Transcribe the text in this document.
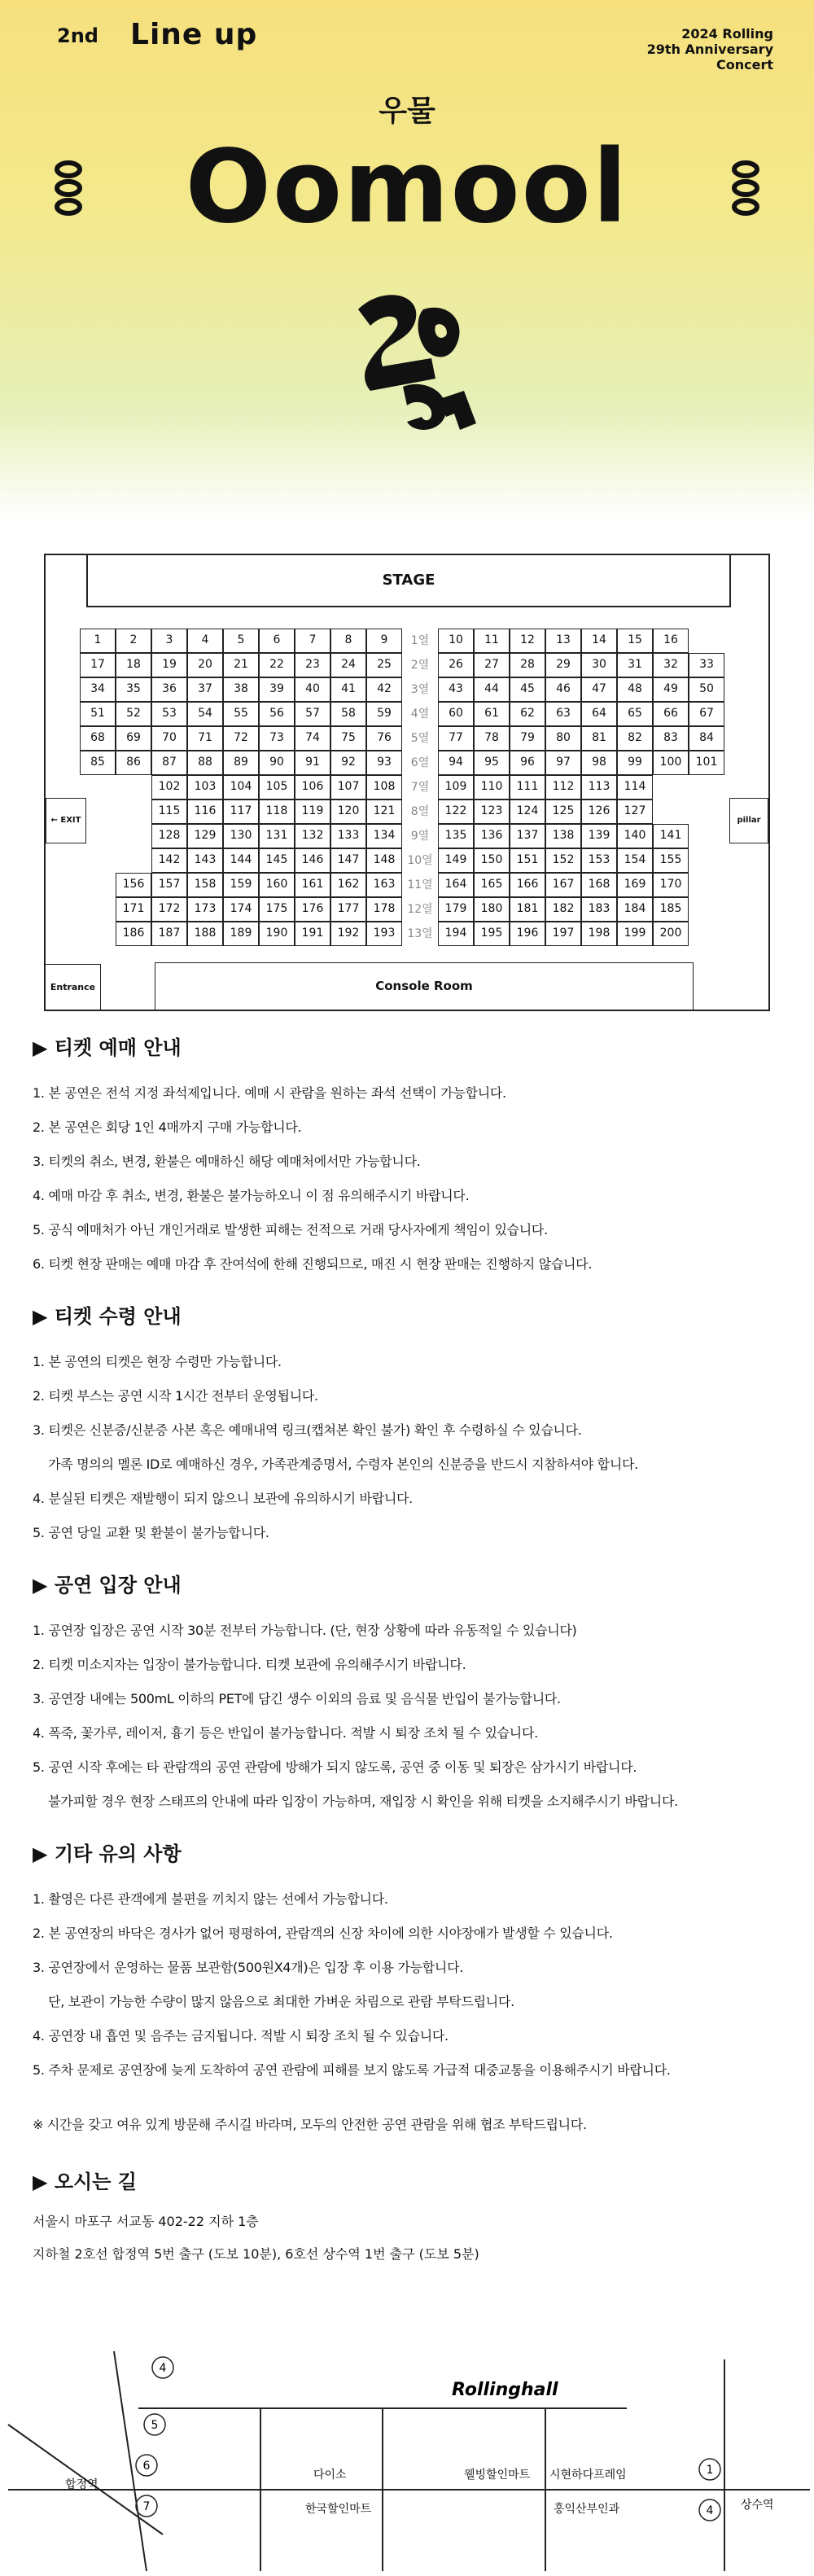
2nd Line up	2024 Rolling
29th Anniversary
Concert
우물
Oomool
STAGE
← EXIT	pillar
Entrance	Console Room
1	2	3	4	5	6	7	8	9	1열	10	11	12	13	14	15	16
17	18	19	20	21	22	23	24	25	2열	26	27	28	29	30	31	32	33
34	35	36	37	38	39	40	41	42	3열	43	44	45	46	47	48	49	50
51	52	53	54	55	56	57	58	59	4열	60	61	62	63	64	65	66	67
68	69	70	71	72	73	74	75	76	5열	77	78	79	80	81	82	83	84
85	86	87	88	89	90	91	92	93	6열	94	95	96	97	98	99	100	101
102	103	104	105	106	107	108	7열	109	110	111	112	113	114
115	116	117	118	119	120	121	8열	122	123	124	125	126	127
128	129	130	131	132	133	134	9열	135	136	137	138	139	140	141
142	143	144	145	146	147	148	10열	149	150	151	152	153	154	155
156	157	158	159	160	161	162	163	11열	164	165	166	167	168	169	170
171	172	173	174	175	176	177	178	12열	179	180	181	182	183	184	185
186	187	188	189	190	191	192	193	13열	194	195	196	197	198	199	200
▶ 티켓 예매 안내

1. 본 공연은 전석 지정 좌석제입니다. 예매 시 관람을 원하는 좌석 선택이 가능합니다.

2. 본 공연은 회당 1인 4매까지 구매 가능합니다.

3. 티켓의 취소, 변경, 환불은 예매하신 해당 예매처에서만 가능합니다.

4. 예매 마감 후 취소, 변경, 환불은 불가능하오니 이 점 유의해주시기 바랍니다.

5. 공식 예매처가 아닌 개인거래로 발생한 피해는 전적으로 거래 당사자에게 책임이 있습니다.

6. 티켓 현장 판매는 예매 마감 후 잔여석에 한해 진행되므로, 매진 시 현장 판매는 진행하지 않습니다.

▶ 티켓 수령 안내

1. 본 공연의 티켓은 현장 수령만 가능합니다.

2. 티켓 부스는 공연 시작 1시간 전부터 운영됩니다.

3. 티켓은 신분증/신분증 사본 혹은 예매내역 링크(캡쳐본 확인 불가) 확인 후 수령하실 수 있습니다.

가족 명의의 멜론 ID로 예매하신 경우, 가족관계증명서, 수령자 본인의 신분증을 반드시 지참하셔야 합니다.

4. 분실된 티켓은 재발행이 되지 않으니 보관에 유의하시기 바랍니다.

5. 공연 당일 교환 및 환불이 불가능합니다.

▶ 공연 입장 안내

1. 공연장 입장은 공연 시작 30분 전부터 가능합니다. (단, 현장 상황에 따라 유동적일 수 있습니다)

2. 티켓 미소지자는 입장이 불가능합니다. 티켓 보관에 유의해주시기 바랍니다.

3. 공연장 내에는 500mL 이하의 PET에 담긴 생수 이외의 음료 및 음식물 반입이 불가능합니다.

4. 폭죽, 꽃가루, 레이저, 흉기 등은 반입이 불가능합니다. 적발 시 퇴장 조치 될 수 있습니다.

5. 공연 시작 후에는 타 관람객의 공연 관람에 방해가 되지 않도록, 공연 중 이동 및 퇴장은 삼가시기 바랍니다.

불가피할 경우 현장 스태프의 안내에 따라 입장이 가능하며, 재입장 시 확인을 위해 티켓을 소지해주시기 바랍니다.

▶ 기타 유의 사항

1. 촬영은 다른 관객에게 불편을 끼치지 않는 선에서 가능합니다.

2. 본 공연장의 바닥은 경사가 없어 평평하여, 관람객의 신장 차이에 의한 시야장애가 발생할 수 있습니다.

3. 공연장에서 운영하는 물품 보관함(500원X4개)은 입장 후 이용 가능합니다.

단, 보관이 가능한 수량이 많지 않음으로 최대한 가벼운 차림으로 관람 부탁드립니다.

4. 공연장 내 흡연 및 음주는 금지됩니다. 적발 시 퇴장 조치 될 수 있습니다.

5. 주차 문제로 공연장에 늦게 도착하여 공연 관람에 피해를 보지 않도록 가급적 대중교통을 이용해주시기 바랍니다.

※ 시간을 갖고 여유 있게 방문해 주시길 바라며, 모두의 안전한 공연 관람을 위해 협조 부탁드립니다.
▶ 오시는 길

서울시 마포구 서교동 402-22 지하 1층

지하철 2호선 합정역 5번 출구 (도보 10분), 6호선 상수역 1번 출구 (도보 5분)

4
5
6
7
1
4
합정역
상수역
다이소
한국할인마트
웰빙할인마트 시현하다프레임
홍익산부인과
Rollinghall
